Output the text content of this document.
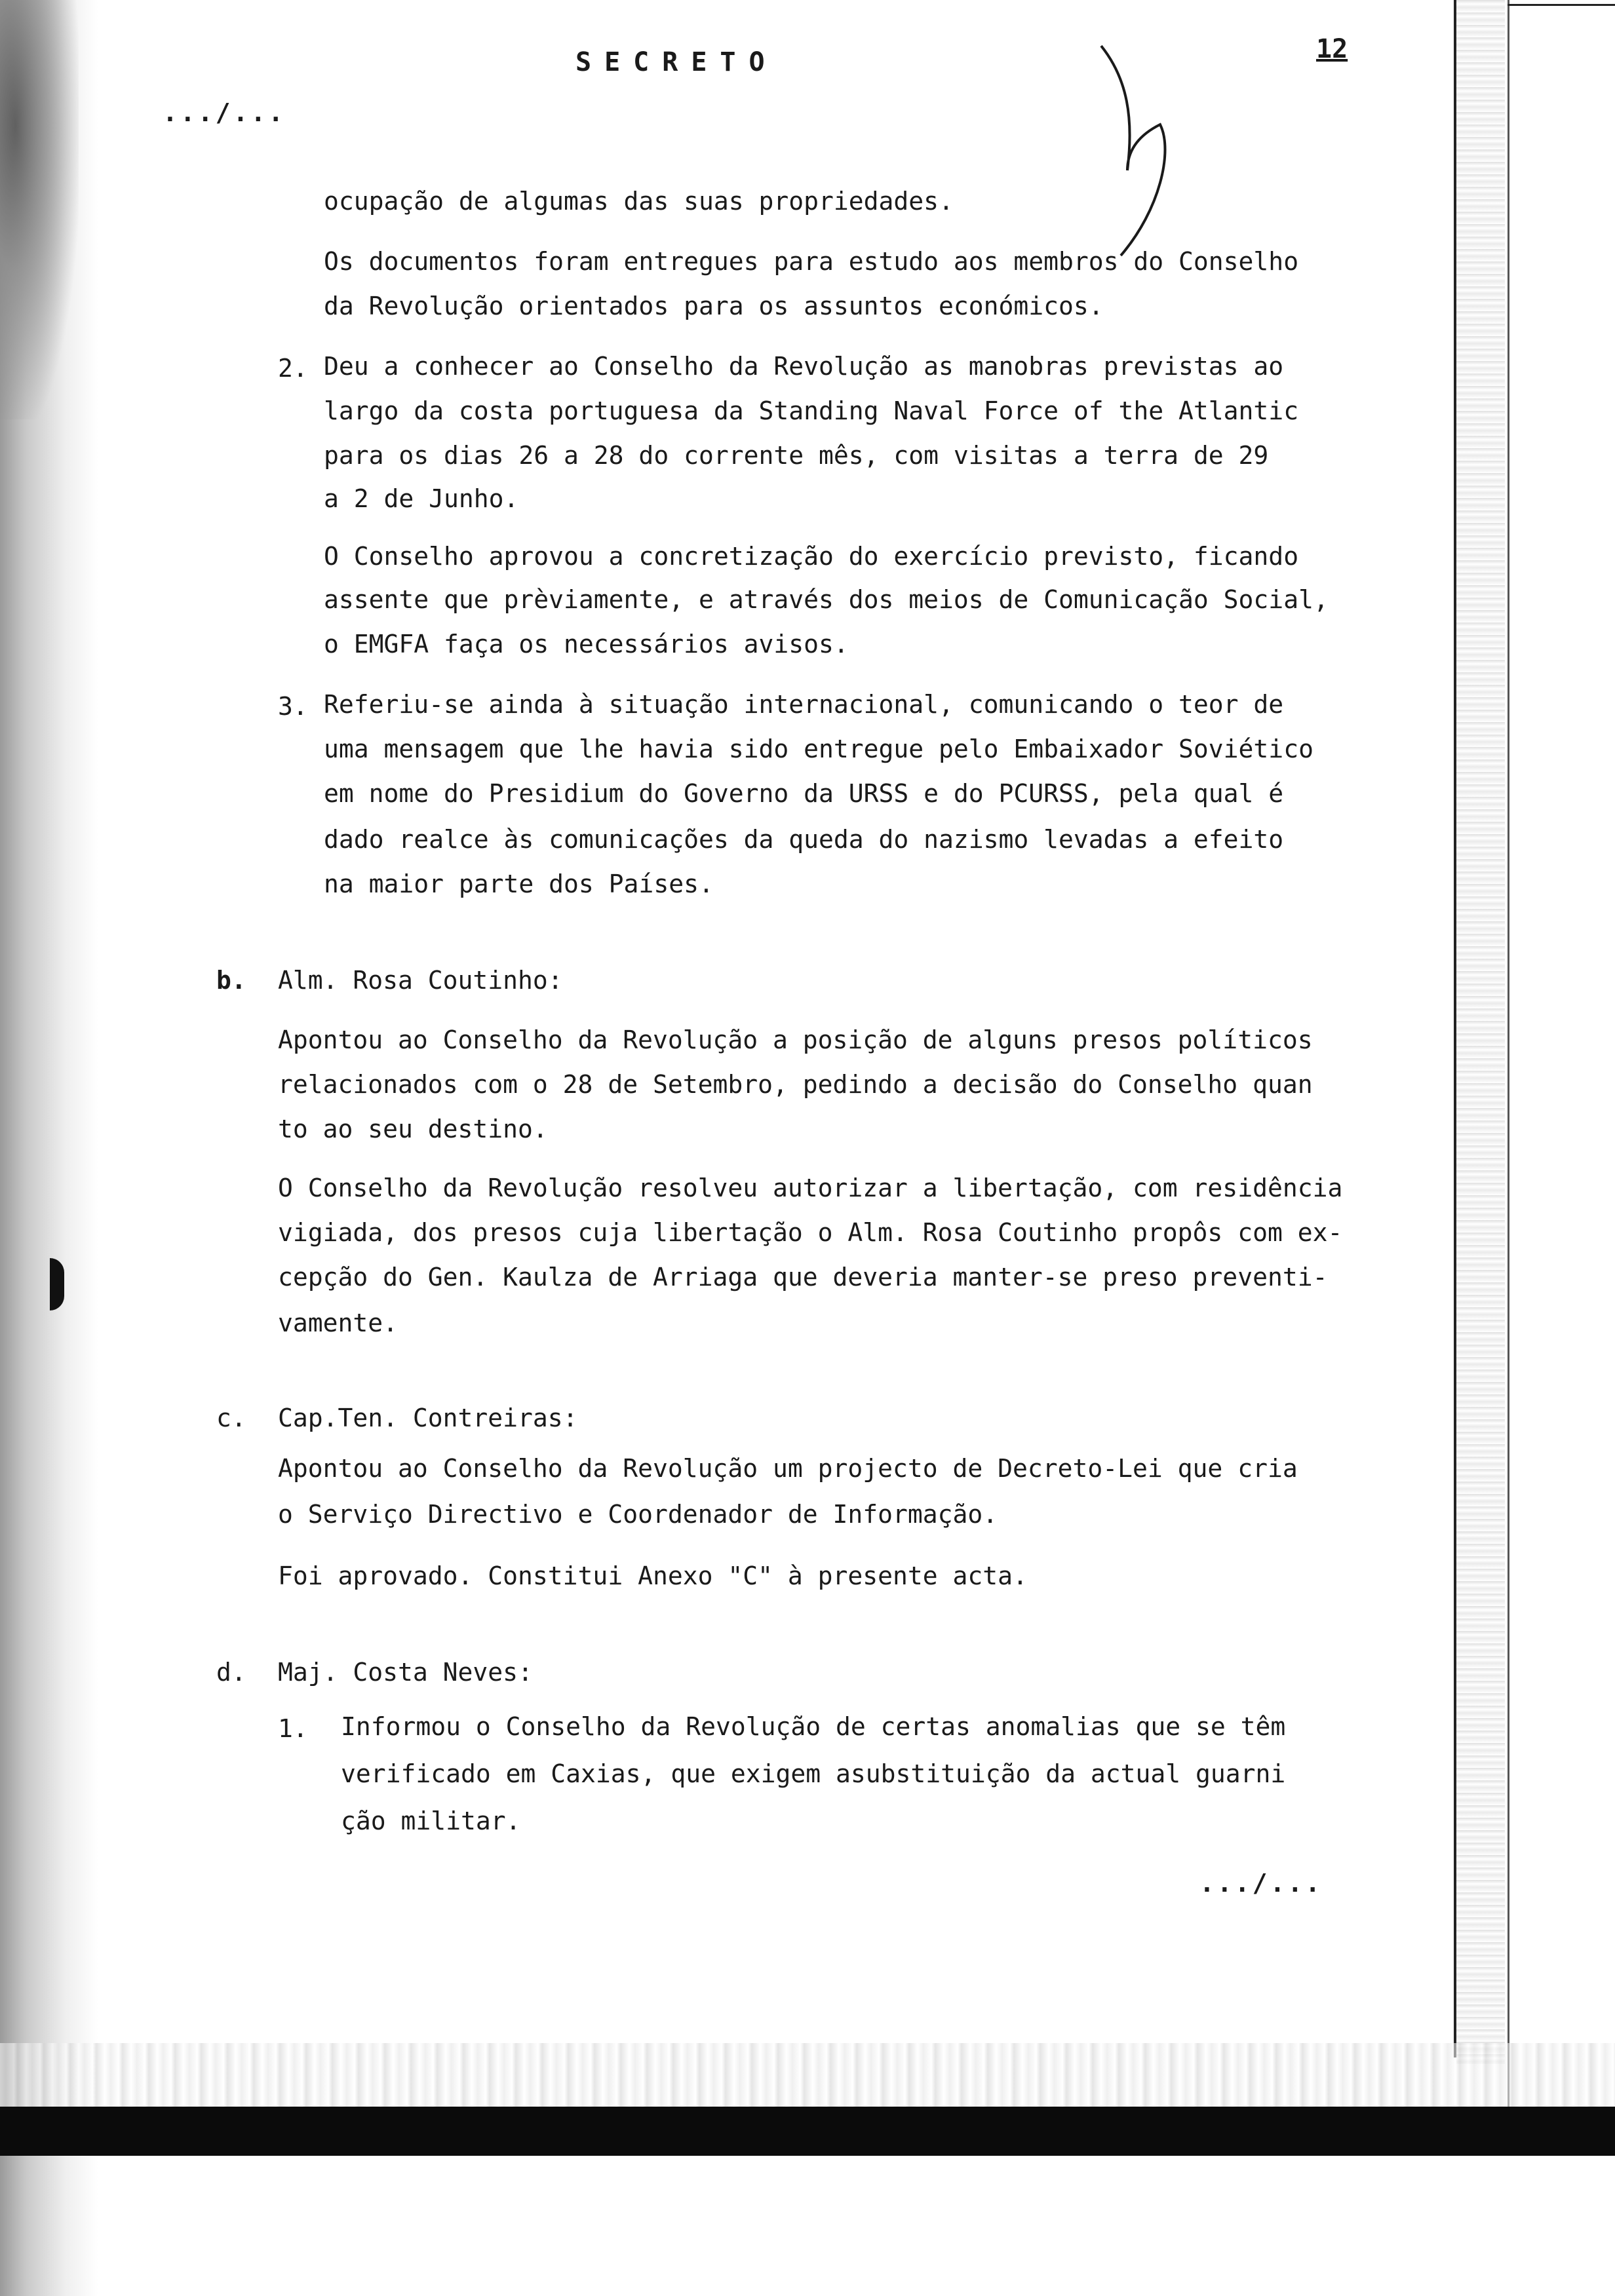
SECRETO	12
.../...
ocupação de algumas das suas propriedades.
Os documentos foram entregues para estudo aos membros do Conselho
da Revolução orientados para os assuntos económicos.
2. Deu a conhecer ao Conselho da Revolução as manobras previstas ao
largo da costa portuguesa da Standing Naval Force of the Atlantic
para os dias 26 a 28 do corrente mês, com visitas a terra de 29
a 2 de Junho.
O Conselho aprovou a concretização do exercício previsto, ficando
assente que prèviamente, e através dos meios de Comunicação Social,
o EMGFA faça os necessários avisos.
3. Referiu-se ainda à situação internacional, comunicando o teor de
uma mensagem que lhe havia sido entregue pelo Embaixador Soviético
em nome do Presidium do Governo da URSS e do PCURSS, pela qual é
dado realce às comunicações da queda do nazismo levadas a efeito
na maior parte dos Países.
b. Alm. Rosa Coutinho:
Apontou ao Conselho da Revolução a posição de alguns presos políticos
relacionados com o 28 de Setembro, pedindo a decisão do Conselho quan
to ao seu destino.
O Conselho da Revolução resolveu autorizar a libertação, com residência
vigiada, dos presos cuja libertação o Alm. Rosa Coutinho propôs com ex-
cepção do Gen. Kaulza de Arriaga que deveria manter-se preso preventi-
vamente.
c. Cap.Ten. Contreiras:
Apontou ao Conselho da Revolução um projecto de Decreto-Lei que cria
o Serviço Directivo e Coordenador de Informação.
Foi aprovado. Constitui Anexo "C" à presente acta.
d. Maj. Costa Neves:
1. Informou o Conselho da Revolução de certas anomalias que se têm
verificado em Caxias, que exigem asubstituição da actual guarni
ção militar.
.../...
